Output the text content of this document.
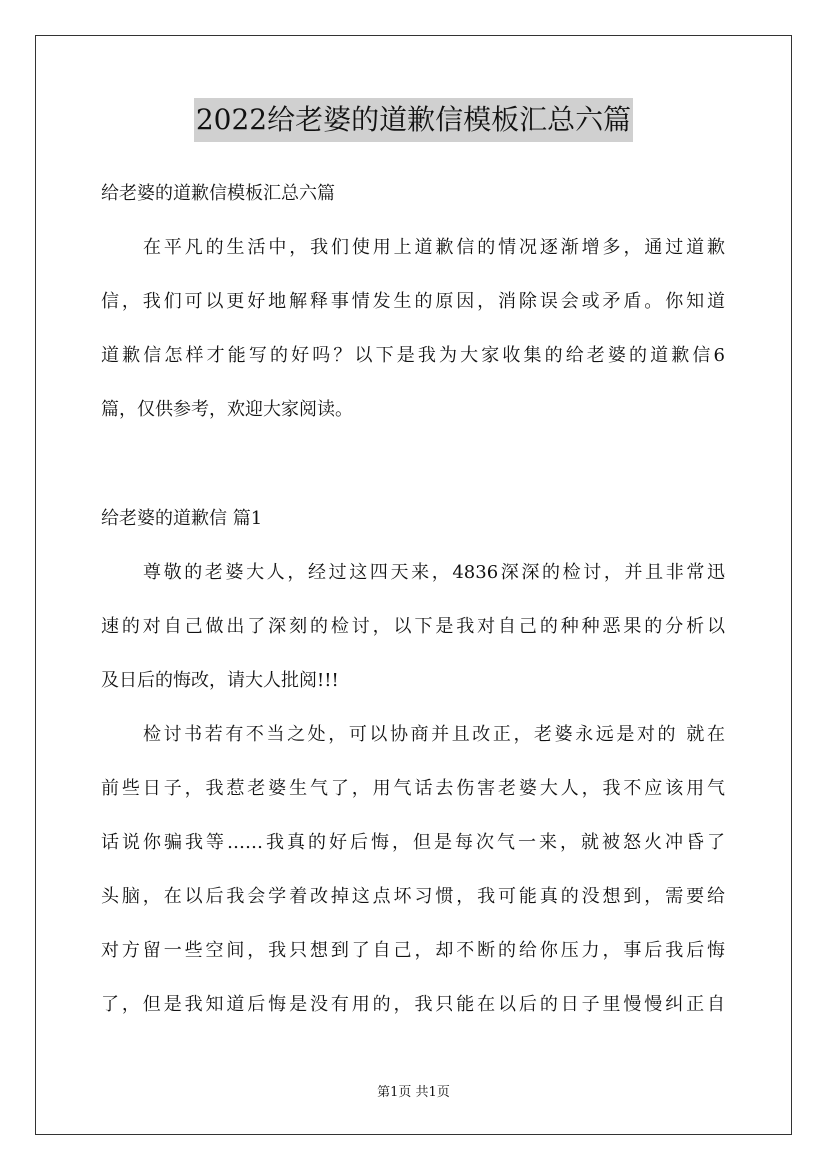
2022给老婆的道歉信模板汇总六篇
给老婆的道歉信模板汇总六篇
在平凡的生活中，我们使用上道歉信的情况逐渐增多，通过道歉
信，我们可以更好地解释事情发生的原因，消除误会或矛盾。你知道
道歉信怎样才能写的好吗？以下是我为大家收集的给老婆的道歉信6
篇，仅供参考，欢迎大家阅读。
给老婆的道歉信 篇1
尊敬的老婆大人，经过这四天来，4836深深的检讨，并且非常迅
速的对自己做出了深刻的检讨，以下是我对自己的种种恶果的分析以
及日后的悔改，请大人批阅!!!
检讨书若有不当之处，可以协商并且改正，老婆永远是对的 就在
前些日子，我惹老婆生气了，用气话去伤害老婆大人，我不应该用气
话说你骗我等……我真的好后悔，但是每次气一来，就被怒火冲昏了
头脑，在以后我会学着改掉这点坏习惯，我可能真的没想到，需要给
对方留一些空间，我只想到了自己，却不断的给你压力，事后我后悔
了，但是我知道后悔是没有用的，我只能在以后的日子里慢慢纠正自
第1页 共1页
